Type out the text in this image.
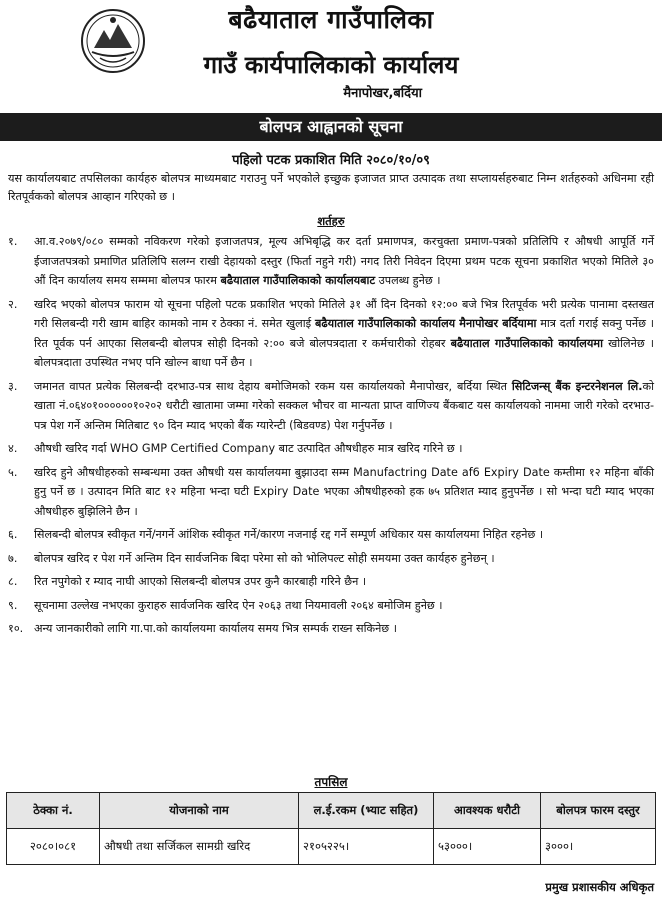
बढैयाताल गाउँपालिका
गाउँ कार्यपालिकाको कार्यालय
मैनापोखर,बर्दिया
बोलपत्र आह्वानको सूचना
पहिलो पटक प्रकाशित मिति २०८०/१०/०९
यस कार्यालयबाट तपसिलका कार्यहरु बोलपत्र माध्यमबाट गराउनु पर्ने भएकोले इच्छुक इजाजत प्राप्त उत्पादक तथा सप्लायर्सहरुबाट निम्न शर्तहरुको अधिनमा रही रितपूर्वकको बोलपत्र आव्हान गरिएको छ ।
शर्तहरु
१.	आ.व.२०७९/०८० सम्मको नविकरण गरेको इजाजतपत्र, मूल्य अभिबृद्धि कर दर्ता प्रमाणपत्र, करचुक्ता प्रमाण-पत्रको प्रतिलिपि र औषधी आपूर्ति गर्ने ईजाजतपत्रको प्रमाणित प्रतिलिपि सलग्न राखी देहायको दस्तुर (फिर्ता नहुने गरी) नगद तिरी निवेदन दिएमा प्रथम पटक सूचना प्रकाशित भएको मितिले ३० औं दिन कार्यालय समय सम्ममा बोलपत्र फारम बढैयाताल गाउँपालिकाको कार्यालयबाट उपलब्ध हुनेछ ।
२.	खरिद भएको बोलपत्र फाराम यो सूचना पहिलो पटक प्रकाशित भएको मितिले ३१ औं दिन दिनको १२:०० बजे भित्र रितपूर्वक भरी प्रत्येक पानामा दस्तखत गरी सिलबन्दी गरी खाम बाहिर कामको नाम र ठेक्का नं. समेत खुलाई बढैयाताल गाउँपालिकाको कार्यालय मैनापोखर बर्दियामा मात्र दर्ता गराई सक्नु पर्नेछ । रित पूर्वक पर्न आएका सिलबन्दी बोलपत्र सोही दिनको २:०० बजे बोलपत्रदाता र कर्मचारीको रोहबर बढैयाताल गाउँपालिकाको कार्यालयमा खोलिनेछ । बोलपत्रदाता उपस्थित नभए पनि खोल्न बाधा पर्ने छैन ।
३.	जमानत वापत प्रत्येक सिलबन्दी दरभाउ-पत्र साथ देहाय बमोजिमको रकम यस कार्यालयको मैनापोखर, बर्दिया स्थित सिटिजन्स् बैंक इन्टरनेशनल लि.को खाता नं.०६४०१००००००१०२०२ धरौटी खातामा जम्मा गरेको सक्कल भौचर वा मान्यता प्राप्त वाणिज्य बैंकबाट यस कार्यालयको नाममा जारी गरेको दरभाउ-पत्र पेश गर्ने अन्तिम मितिबाट ९० दिन म्याद भएको बैंक ग्यारेन्टी (बिडवण्ड) पेश गर्नुपर्नेछ ।
४.	औषधी खरिद गर्दा WHO GMP Certified Company बाट उत्पादित औषधीहरु मात्र खरिद गरिने छ ।
५.	खरिद हुने औषधीहरुको सम्बन्धमा उक्त औषधी यस कार्यालयमा बुझाउदा सम्म Manufactring Date af6 Expiry Date कम्तीमा १२ महिना बाँकी हुनु पर्ने छ । उत्पादन मिति बाट १२ महिना भन्दा घटी Expiry Date भएका औषधीहरुको हक ७५ प्रतिशत म्याद हुनुपर्नेछ । सो भन्दा घटी म्याद भएका औषधीहरु बुझिलिने छैन ।
६.	सिलबन्दी बोलपत्र स्वीकृत गर्ने/नगर्ने आंशिक स्वीकृत गर्ने/कारण नजनाई रद्द गर्ने सम्पूर्ण अधिकार यस कार्यालयमा निहित रहनेछ ।
७.	बोलपत्र खरिद र पेश गर्ने अन्तिम दिन सार्वजनिक बिदा परेमा सो को भोलिपल्ट सोही समयमा उक्त कार्यहरु हुनेछन् ।
८.	रित नपुगेको र म्याद नाघी आएको सिलबन्दी बोलपत्र उपर कुनै कारबाही गरिने छैन ।
९.	सूचनामा उल्लेख नभएका कुराहरु सार्वजनिक खरिद ऐन २०६३ तथा नियमावली २०६४ बमोजिम हुनेछ ।
१०. अन्य जानकारीको लागि गा.पा.को कार्यालयमा कार्यालय समय भित्र सम्पर्क राख्न सकिनेछ ।
तपसिल
ठेक्का नं.	योजनाको नाम	ल.ई.रकम (भ्याट सहित)	आवश्यक धरौटी	बोलपत्र फारम दस्तुर
२०८०।०८१	औषधी तथा सर्जिकल सामग्री खरिद	२१०५२२५।	५३०००।	३०००।
प्रमुख प्रशासकीय अधिकृत
